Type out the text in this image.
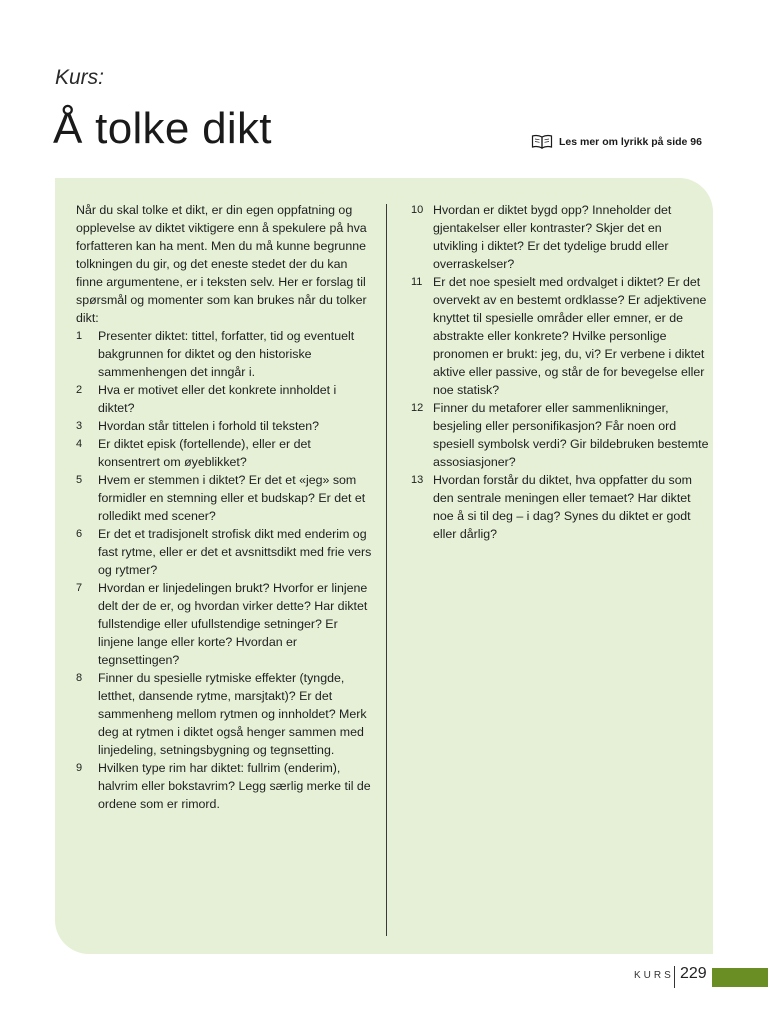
Kurs:
Å tolke dikt	Les mer om lyrikk på side 96

Når du skal tolke et dikt, er din egen oppfatning og opplevelse av diktet viktigere enn å spekulere på hva forfatteren kan ha ment. Men du må kunne begrunne tolkningen du gir, og det eneste stedet der du kan finne argumentene, er i teksten selv. Her er forslag til spørsmål og momenter som kan brukes når du tolker dikt:

1	Presenter diktet: tittel, forfatter, tid og eventuelt bakgrunnen for diktet og den historiske sammenhengen det inngår i.
2	Hva er motivet eller det konkrete innholdet i diktet?
3	Hvordan står tittelen i forhold til teksten?
4	Er diktet episk (fortellende), eller er det konsentrert om øyeblikket?
5	Hvem er stemmen i diktet? Er det et «jeg» som formidler en stemning eller et budskap? Er det et rolledikt med scener?
6	Er det et tradisjonelt strofisk dikt med enderim og fast rytme, eller er det et avsnittsdikt med frie vers og rytmer?
7	Hvordan er linjedelingen brukt? Hvorfor er linjene delt der de er, og hvordan virker dette? Har diktet fullstendige eller ufullstendige setninger? Er linjene lange eller korte? Hvordan er tegnsettingen?
8	Finner du spesielle rytmiske effekter (tyngde, letthet, dansende rytme, marsjtakt)? Er det sammenheng mellom rytmen og innholdet? Merk deg at rytmen i diktet også henger sammen med linjedeling, setningsbygning og tegnsetting.
9	Hvilken type rim har diktet: fullrim (enderim), halvrim eller bokstavrim? Legg særlig merke til de ordene som er rimord.
10 Hvordan er diktet bygd opp? Inneholder det gjentakelser eller kontraster? Skjer det en utvikling i diktet? Er det tydelige brudd eller overraskelser?
11 Er det noe spesielt med ordvalget i diktet? Er det overvekt av en bestemt ordklasse? Er adjektivene knyttet til spesielle områder eller emner, er de abstrakte eller konkrete? Hvilke personlige pronomen er brukt: jeg, du, vi? Er verbene i diktet aktive eller passive, og står de for bevegelse eller noe statisk?
12 Finner du metaforer eller sammenlikninger, besjeling eller personifikasjon? Får noen ord spesiell symbolsk verdi? Gir bildebruken bestemte assosiasjoner?
13 Hvordan forstår du diktet, hva oppfatter du som den sentrale meningen eller temaet? Har diktet noe å si til deg – i dag? Synes du diktet er godt eller dårlig?
KURS 229
